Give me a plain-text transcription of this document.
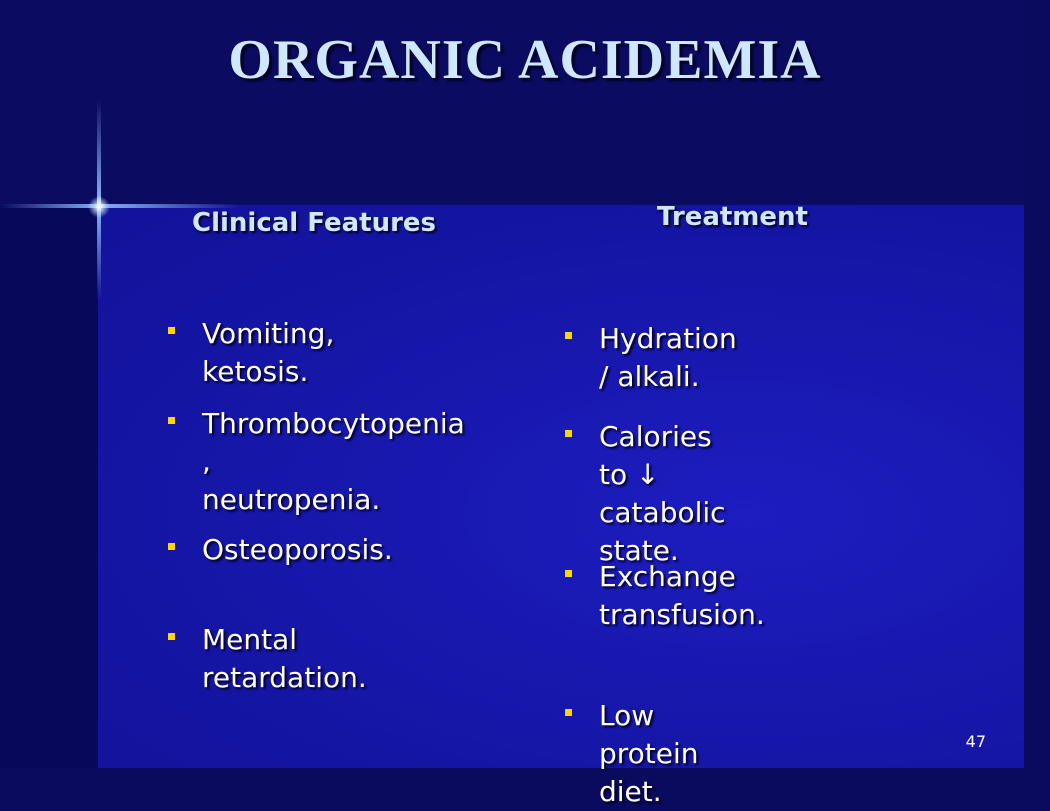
ORGANIC ACIDEMIA
Clinical Features	Treatment
Vomiting, ketosis.
Thrombocytopenia ,
neutropenia.
Osteoporosis.
Mental retardation.
Hydration / alkali.
Calories to ↓
catabolic state.
Exchange
transfusion.
Low protein diet.
47
